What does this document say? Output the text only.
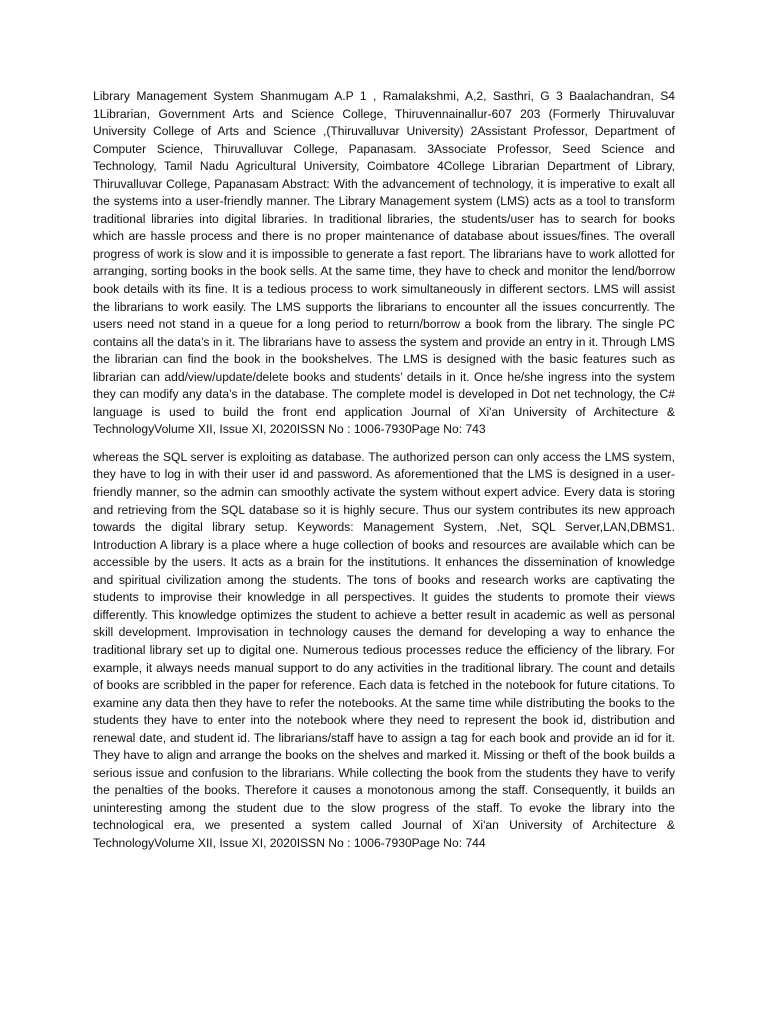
Library Management System Shanmugam A.P 1 , Ramalakshmi, A,2, Sasthri, G 3 Baalachandran, S4 1Librarian, Government Arts and Science College, Thiruvennainallur-607 203 (Formerly Thiruvaluvar University College of Arts and Science ,(Thiruvalluvar University) 2Assistant Professor, Department of Computer Science, Thiruvalluvar College, Papanasam. 3Associate Professor, Seed Science and Technology, Tamil Nadu Agricultural University, Coimbatore 4College Librarian Department of Library, Thiruvalluvar College, Papanasam Abstract: With the advancement of technology, it is imperative to exalt all the systems into a user-friendly manner. The Library Management system (LMS) acts as a tool to transform traditional libraries into digital libraries. In traditional libraries, the students/user has to search for books which are hassle process and there is no proper maintenance of database about issues/fines. The overall progress of work is slow and it is impossible to generate a fast report. The librarians have to work allotted for arranging, sorting books in the book sells. At the same time, they have to check and monitor the lend/borrow book details with its fine. It is a tedious process to work simultaneously in different sectors. LMS will assist the librarians to work easily. The LMS supports the librarians to encounter all the issues concurrently. The users need not stand in a queue for a long period to return/borrow a book from the library. The single PC contains all the data’s in it. The librarians have to assess the system and provide an entry in it. Through LMS the librarian can find the book in the bookshelves. The LMS is designed with the basic features such as librarian can add/view/update/delete books and students’ details in it. Once he/she ingress into the system they can modify any data’s in the database. The complete model is developed in Dot net technology, the C# language is used to build the front end application Journal of Xi'an University of Architecture & TechnologyVolume XII, Issue XI, 2020ISSN No : 1006-7930Page No: 743

whereas the SQL server is exploiting as database. The authorized person can only access the LMS system, they have to log in with their user id and password. As aforementioned that the LMS is designed in a user-friendly manner, so the admin can smoothly activate the system without expert advice. Every data is storing and retrieving from the SQL database so it is highly secure. Thus our system contributes its new approach towards the digital library setup. Keywords: Management System, .Net, SQL Server,LAN,DBMS1. Introduction A library is a place where a huge collection of books and resources are available which can be accessible by the users. It acts as a brain for the institutions. It enhances the dissemination of knowledge and spiritual civilization among the students. The tons of books and research works are captivating the students to improvise their knowledge in all perspectives. It guides the students to promote their views differently. This knowledge optimizes the student to achieve a better result in academic as well as personal skill development. Improvisation in technology causes the demand for developing a way to enhance the traditional library set up to digital one. Numerous tedious processes reduce the efficiency of the library. For example, it always needs manual support to do any activities in the traditional library. The count and details of books are scribbled in the paper for reference. Each data is fetched in the notebook for future citations. To examine any data then they have to refer the notebooks. At the same time while distributing the books to the students they have to enter into the notebook where they need to represent the book id, distribution and renewal date, and student id. The librarians/staff have to assign a tag for each book and provide an id for it. They have to align and arrange the books on the shelves and marked it. Missing or theft of the book builds a serious issue and confusion to the librarians. While collecting the book from the students they have to verify the penalties of the books. Therefore it causes a monotonous among the staff. Consequently, it builds an uninteresting among the student due to the slow progress of the staff. To evoke the library into the technological era, we presented a system called Journal of Xi'an University of Architecture & TechnologyVolume XII, Issue XI, 2020ISSN No : 1006-7930Page No: 744
